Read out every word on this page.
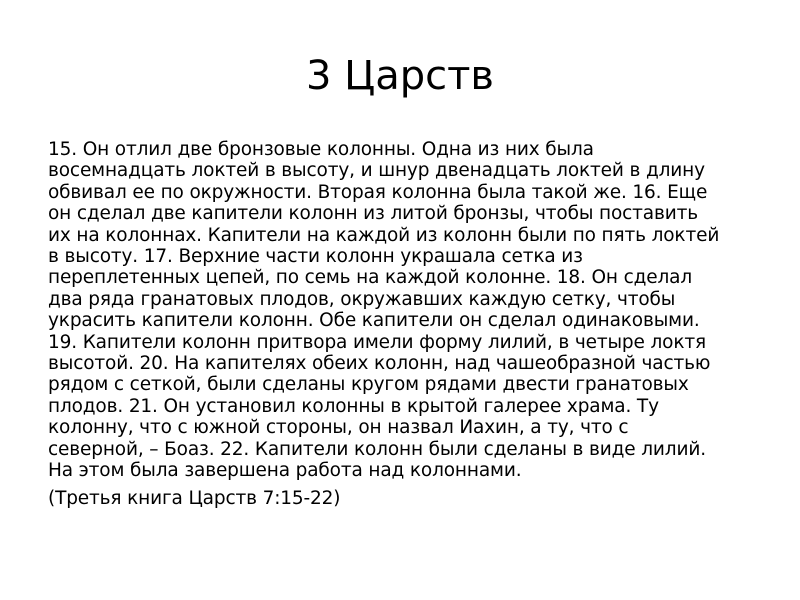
3 Царств

15. Он отлил две бронзовые колонны. Одна из них была
восемнадцать локтей в высоту, и шнур двенадцать локтей в длину
обвивал ее по окружности. Вторая колонна была такой же. 16. Еще
он сделал две капители колонн из литой бронзы, чтобы поставить
их на колоннах. Капители на каждой из колонн были по пять локтей
в высоту. 17. Верхние части колонн украшала сетка из
переплетенных цепей, по семь на каждой колонне. 18. Он сделал
два ряда гранатовых плодов, окружавших каждую сетку, чтобы
украсить капители колонн. Обе капители он сделал одинаковыми.
19. Капители колонн притвора имели форму лилий, в четыре локтя
высотой. 20. На капителях обеих колонн, над чашеобразной частью
рядом с сеткой, были сделаны кругом рядами двести гранатовых
плодов. 21. Он установил колонны в крытой галерее храма. Ту
колонну, что с южной стороны, он назвал Иахин, а ту, что с
северной, – Боаз. 22. Капители колонн были сделаны в виде лилий.
На этом была завершена работа над колоннами.

(Третья книга Царств 7:15-22)
